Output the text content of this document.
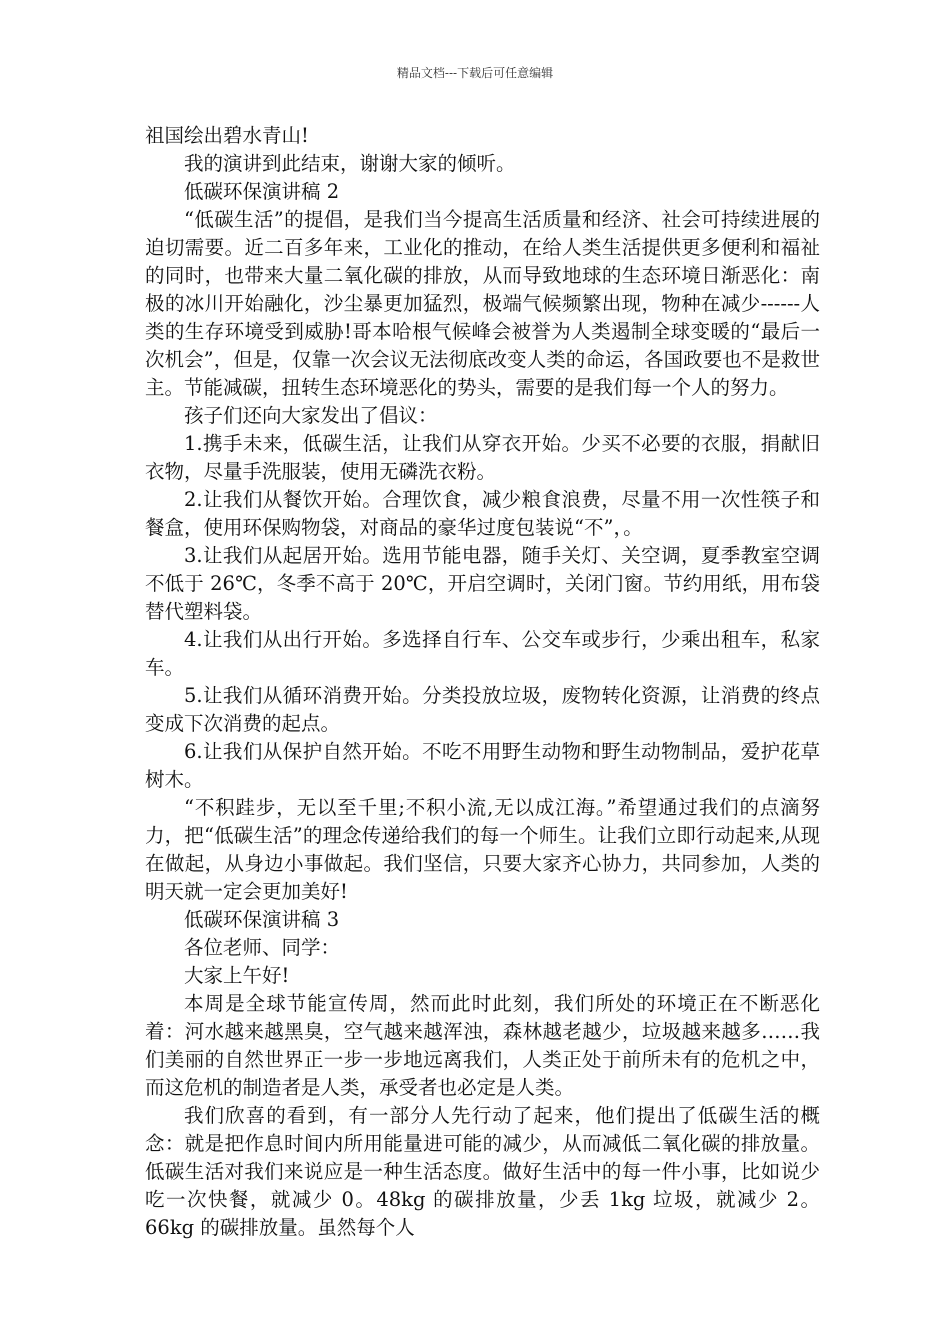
精品文档---下载后可任意编辑

祖国绘出碧水青山!

我的演讲到此结束，谢谢大家的倾听。

低碳环保演讲稿 2

“低碳生活”的提倡，是我们当今提高生活质量和经济、社会可持续进展的迫切需要。近二百多年来，工业化的推动，在给人类生活提供更多便利和福祉的同时，也带来大量二氧化碳的排放，从而导致地球的生态环境日渐恶化：南极的冰川开始融化，沙尘暴更加猛烈，极端气候频繁出现，物种在减少------人类的生存环境受到威胁!哥本哈根气候峰会被誉为人类遏制全球变暖的“最后一次机会”，但是，仅靠一次会议无法彻底改变人类的命运，各国政要也不是救世主。节能减碳，扭转生态环境恶化的势头，需要的是我们每一个人的努力。

孩子们还向大家发出了倡议：

1.携手未来，低碳生活，让我们从穿衣开始。少买不必要的衣服，捐献旧衣物，尽量手洗服装，使用无磷洗衣粉。

2.让我们从餐饮开始。合理饮食，减少粮食浪费，尽量不用一次性筷子和餐盒，使用环保购物袋，对商品的豪华过度包装说“不”，。

3.让我们从起居开始。选用节能电器，随手关灯、关空调，夏季教室空调不低于 26℃，冬季不高于 20℃，开启空调时，关闭门窗。节约用纸，用布袋替代塑料袋。

4.让我们从出行开始。多选择自行车、公交车或步行，少乘出租车，私家车。

5.让我们从循环消费开始。分类投放垃圾，废物转化资源，让消费的终点变成下次消费的起点。

6.让我们从保护自然开始。不吃不用野生动物和野生动物制品，爱护花草树木。

“不积跬步，无以至千里;不积小流,无以成江海。”希望通过我们的点滴努力，把“低碳生活”的理念传递给我们的每一个师生。让我们立即行动起来,从现在做起，从身边小事做起。我们坚信，只要大家齐心协力，共同参加，人类的明天就一定会更加美好!

低碳环保演讲稿 3

各位老师、同学：

大家上午好!

本周是全球节能宣传周，然而此时此刻，我们所处的环境正在不断恶化着：河水越来越黑臭，空气越来越浑浊，森林越老越少，垃圾越来越多……我们美丽的自然世界正一步一步地远离我们，人类正处于前所未有的危机之中，而这危机的制造者是人类，承受者也必定是人类。

我们欣喜的看到，有一部分人先行动了起来，他们提出了低碳生活的概念：就是把作息时间内所用能量进可能的减少，从而减低二氧化碳的排放量。低碳生活对我们来说应是一种生活态度。做好生活中的每一件小事，比如说少吃一次快餐，就减少 0。48kg 的碳排放量，少丢 1kg 垃圾，就减少 2。66kg 的碳排放量。虽然每个人
